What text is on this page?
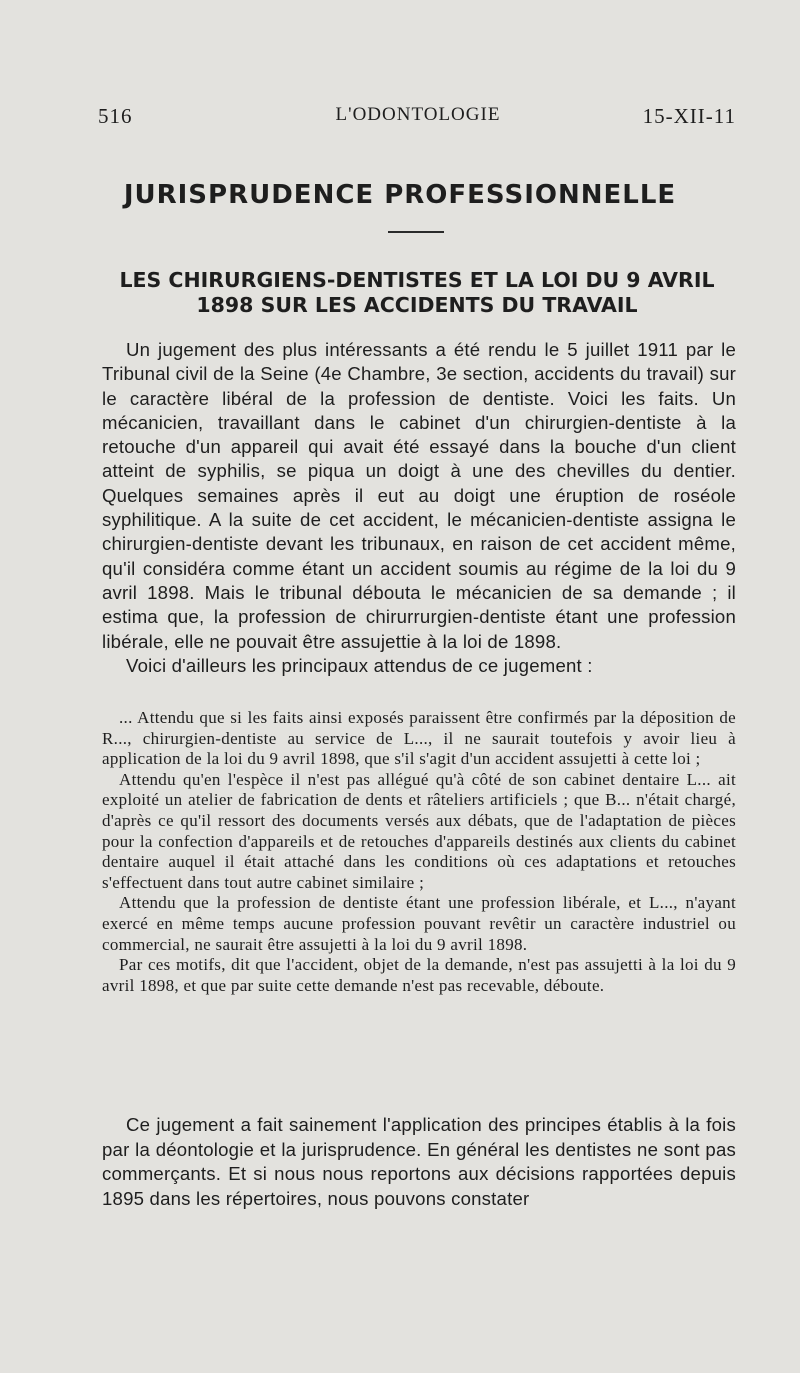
516	L'ODONTOLOGIE	15-XII-11
JURISPRUDENCE PROFESSIONNELLE
LES CHIRURGIENS-DENTISTES ET LA LOI DU 9 AVRIL 1898 SUR LES ACCIDENTS DU TRAVAIL

Un jugement des plus intéressants a été rendu le 5 juillet 1911 par le Tribunal civil de la Seine (4e Chambre, 3e section, accidents du travail) sur le caractère libéral de la profession de dentiste. Voici les faits. Un mécanicien, travaillant dans le cabinet d'un chirurgien-dentiste à la retouche d'un appareil qui avait été essayé dans la bouche d'un client atteint de syphilis, se piqua un doigt à une des chevilles du dentier. Quelques semaines après il eut au doigt une éruption de roséole syphilitique. A la suite de cet accident, le mécanicien-dentiste assigna le chirurgien-dentiste devant les tribunaux, en raison de cet accident même, qu'il considéra comme étant un accident soumis au régime de la loi du 9 avril 1898. Mais le tribunal débouta le mécanicien de sa demande ; il estima que, la profession de chirurrurgien-dentiste étant une profession libérale, elle ne pouvait être assujettie à la loi de 1898.

Voici d'ailleurs les principaux attendus de ce jugement :

... Attendu que si les faits ainsi exposés paraissent être confirmés par la déposition de R..., chirurgien-dentiste au service de L..., il ne saurait toutefois y avoir lieu à application de la loi du 9 avril 1898, que s'il s'agit d'un accident assujetti à cette loi ;

Attendu qu'en l'espèce il n'est pas allégué qu'à côté de son cabinet dentaire L... ait exploité un atelier de fabrication de dents et râteliers artificiels ; que B... n'était chargé, d'après ce qu'il ressort des documents versés aux débats, que de l'adaptation de pièces pour la confection d'appareils et de retouches d'appareils destinés aux clients du cabinet dentaire auquel il était attaché dans les conditions où ces adaptations et retouches s'effectuent dans tout autre cabinet similaire ;

Attendu que la profession de dentiste étant une profession libérale, et L..., n'ayant exercé en même temps aucune profession pouvant revêtir un caractère industriel ou commercial, ne saurait être assujetti à la loi du 9 avril 1898.

Par ces motifs, dit que l'accident, objet de la demande, n'est pas assujetti à la loi du 9 avril 1898, et que par suite cette demande n'est pas recevable, déboute.

Ce jugement a fait sainement l'application des principes établis à la fois par la déontologie et la jurisprudence. En général les dentistes ne sont pas commerçants. Et si nous nous reportons aux décisions rapportées depuis 1895 dans les répertoires, nous pouvons constater
